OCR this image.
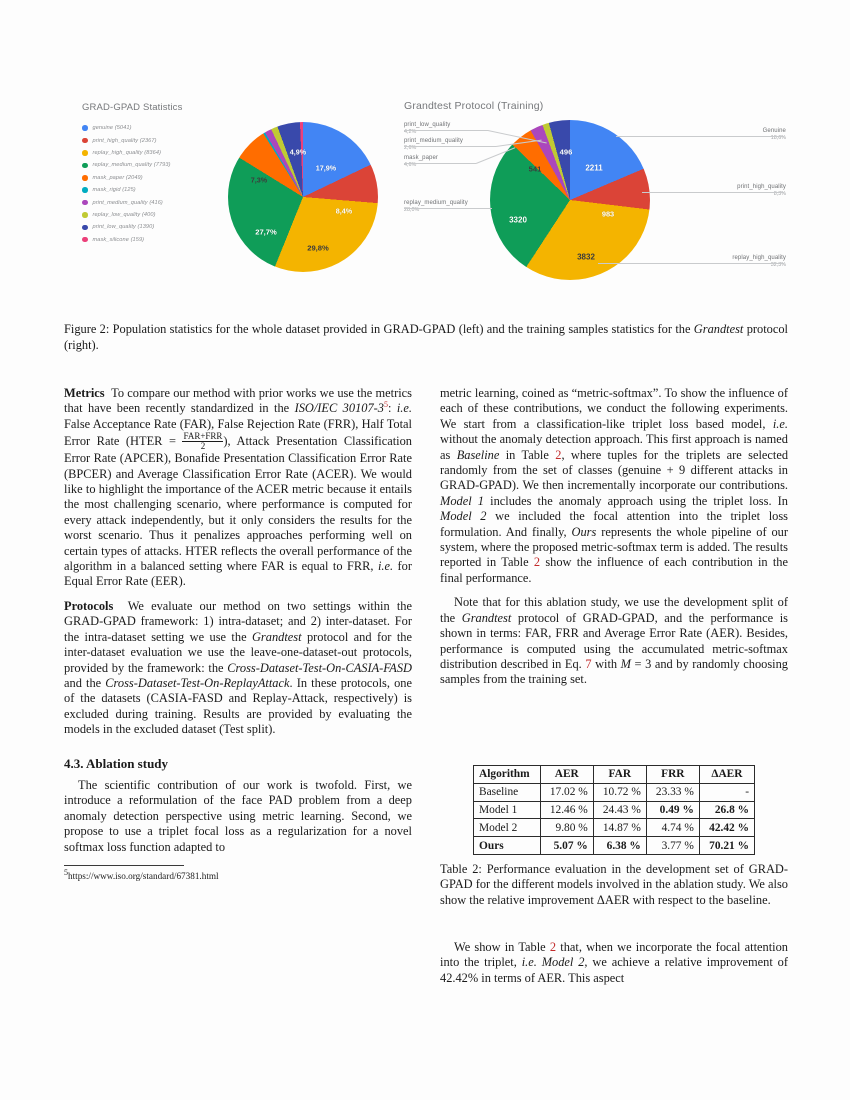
GRAD-GPAD Statistics
genuine (5041)
print_high_quality (2367)
replay_high_quality (8364)
replay_medium_quality (7793)
mask_paper (2049)
mask_rigid (125)
print_medium_quality (416)
replay_low_quality (400)
print_low_quality (1390)
mask_silicone (159)
17,9%
8,4%
29,8%
27,7%
7,3%
4,9%
Grandtest Protocol (Training)
2211
983
3832
3320
541
496
print_low_quality
4,2%
print_medium_quality
2,6%
mask_paper
4,6%
replay_medium_quality
28,0%
Genuine
18,6%
print_high_quality
8,3%
replay_high_quality
32,3%
Figure 2: Population statistics for the whole dataset provided in GRAD-GPAD (left) and the training samples statistics for the Grandtest protocol (right).

Metrics To compare our method with prior works we use the metrics that have been recently standardized in the ISO/IEC 30107-3$^5$: i.e. False Acceptance Rate (FAR), False Rejection Rate (FRR), Half Total Error Rate (HTER = $\frac{\text{FAR+FRR}}{2}$ ), Attack Presentation Classification Error Rate (APCER), Bonafide Presentation Classification Error Rate (BPCER) and Average Classification Error Rate (ACER). We would like to highlight the importance of the ACER metric because it entails the most challenging scenario, where performance is computed for every attack independently, but it only considers the results for the worst scenario. Thus it penalizes approaches performing well on certain types of attacks. HTER reflects the overall performance of the algorithm in a balanced setting where FAR is equal to FRR, i.e. for Equal Error Rate (EER).

Protocols We evaluate our method on two settings within the GRAD-GPAD framework: 1) intra-dataset; and 2) inter-dataset. For the intra-dataset setting we use the Grandtest protocol and for the inter-dataset evaluation we use the leave-one-dataset-out protocols, provided by the framework: the Cross-Dataset-Test-On-CASIA-FASD and the Cross-Dataset-Test-On-ReplayAttack. In these protocols, one of the datasets (CASIA-FASD and Replay-Attack, respectively) is excluded during training. Results are provided by evaluating the models in the excluded dataset (Test split).

4.3. Ablation study

The scientific contribution of our work is twofold. First, we introduce a reformulation of the face PAD problem from a deep anomaly detection perspective using metric learning. Second, we propose to use a triplet focal loss as a regularization for a novel softmax loss function adapted to

$^5$https://www.iso.org/standard/67381.html

metric learning, coined as “metric-softmax”. To show the influence of each of these contributions, we conduct the following experiments. We start from a classification-like triplet loss based model, i.e. without the anomaly detection approach. This first approach is named as Baseline in Table 2, where tuples for the triplets are selected randomly from the set of classes (genuine + 9 different attacks in GRAD-GPAD). We then incrementally incorporate our contributions. Model 1 includes the anomaly approach using the triplet loss. In Model 2 we included the focal attention into the triplet loss formulation. And finally, Ours represents the whole pipeline of our system, where the proposed metric-softmax term is added. The results reported in Table 2 show the influence of each contribution in the final performance.

Note that for this ablation study, we use the development split of the Grandtest protocol of GRAD-GPAD, and the performance is shown in terms: FAR, FRR and Average Error Rate (AER). Besides, performance is computed using the accumulated metric-softmax distribution described in Eq. 7 with M = 3 and by randomly choosing samples from the training set.

Algorithm	AER	FAR	FRR	ΔAER
Baseline	17.02 %	10.72 %	23.33 %	-
Model 1	12.46 %	24.43 %	0.49 %	26.8 %
Model 2	9.80 %	14.87 %	4.74 %	42.42 %
Ours	5.07 %	6.38 %	3.77 %	70.21 %
Table 2: Performance evaluation in the development set of GRAD-GPAD for the different models involved in the ablation study. We also show the relative improvement ΔAER with respect to the baseline.
We show in Table 2 that, when we incorporate the focal attention into the triplet, i.e. Model 2, we achieve a relative improvement of 42.42% in terms of AER. This aspect
